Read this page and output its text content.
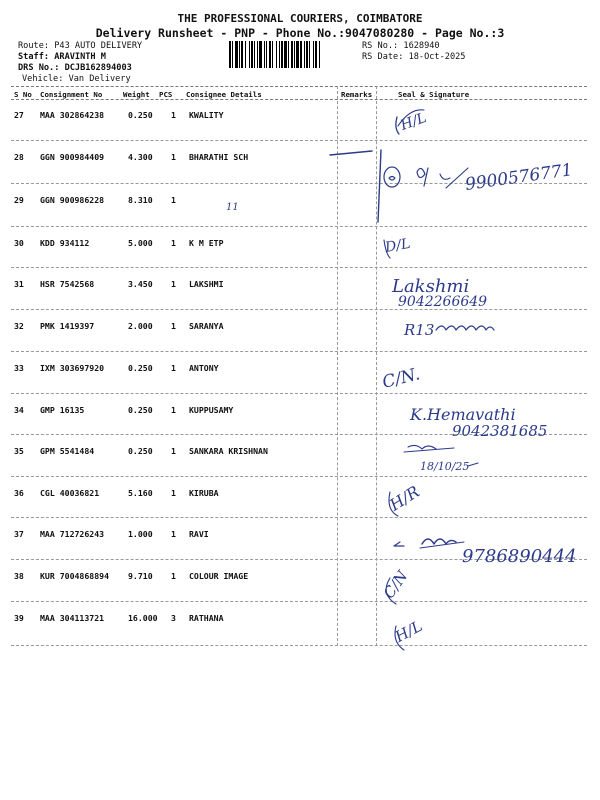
THE PROFESSIONAL COURIERS, COIMBATORE
Delivery Runsheet - PNP - Phone No.:9047080280 - Page No.:3
Route: P43 AUTO DELIVERY
Staff: ARAVINTH M
DRS No.: DCJB162894003
Vehicle: Van Delivery
RS No.: 1628940
RS Date: 18-Oct-2025
S No Consignment No	Weight PCS Consignee Details	Remarks	Seal & Signature
27 MAA 302864238	0.250 1 KWALITY
28 GGN 900984409	4.300 1 BHARATHI SCH
29 GGN 900986228	8.310 1
30 KDD 934112	5.000 1 K M ETP
31 HSR 7542568	3.450 1 LAKSHMI
32 PMK 1419397	2.000 1 SARANYA
33 IXM 303697920	0.250 1 ANTONY
34 GMP 16135	0.250 1 KUPPUSAMY
35 GPM 5541484	0.250 1 SANKARA KRISHNAN
36 CGL 40036821	5.160 1 KIRUBA
37 MAA 712726243	1.000 1 RAVI
38 KUR 7004868894 9.710 1 COLOUR IMAGE
39 MAA 304113721	16.000 3 RATHANA
H/L
9900576771
11
D/L
Lakshmi
9042266649
R13
C/N.
K.Hemavathi
9042381685
18/10/25
H/R
9786890444
C/N
H/L
